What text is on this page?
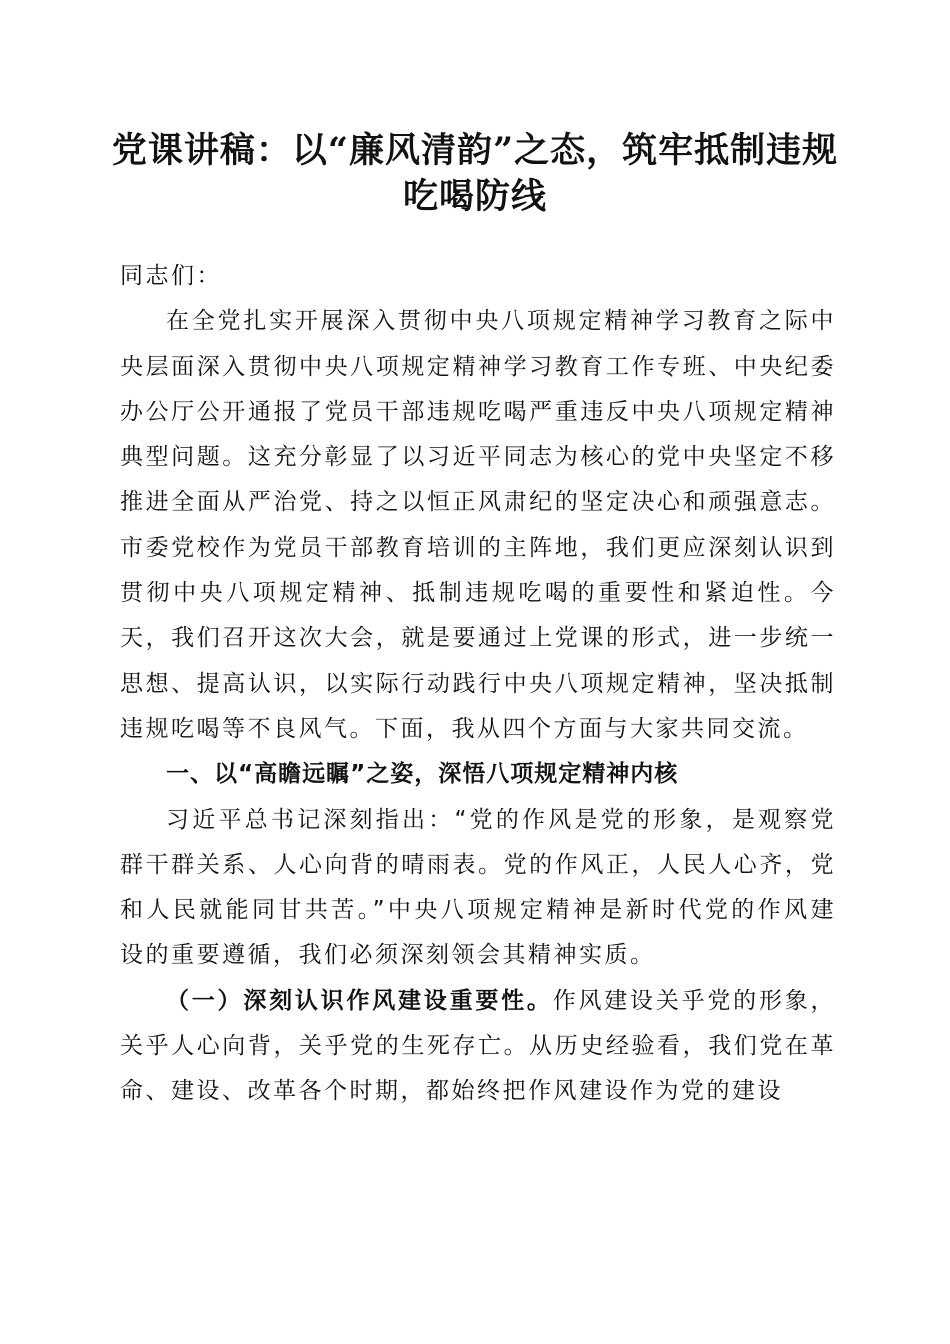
党课讲稿：以“廉风清韵”之态，筑牢抵制违规吃喝防线

同志们：

在全党扎实开展深入贯彻中央八项规定精神学习教育之际中央层面深入贯彻中央八项规定精神学习教育工作专班、中央纪委办公厅公开通报了党员干部违规吃喝严重违反中央八项规定精神典型问题。这充分彰显了以习近平同志为核心的党中央坚定不移推进全面从严治党、持之以恒正风肃纪的坚定决心和顽强意志。市委党校作为党员干部教育培训的主阵地，我们更应深刻认识到贯彻中央八项规定精神、抵制违规吃喝的重要性和紧迫性。今天，我们召开这次大会，就是要通过上党课的形式，进一步统一思想、提高认识，以实际行动践行中央八项规定精神，坚决抵制违规吃喝等不良风气。下面，我从四个方面与大家共同交流。

一、以“高瞻远瞩”之姿，深悟八项规定精神内核

习近平总书记深刻指出：“党的作风是党的形象，是观察党群干群关系、人心向背的晴雨表。党的作风正，人民人心齐，党和人民就能同甘共苦。”中央八项规定精神是新时代党的作风建设的重要遵循，我们必须深刻领会其精神实质。

（一）深刻认识作风建设重要性。作风建设关乎党的形象，关乎人心向背，关乎党的生死存亡。从历史经验看，我们党在革命、建设、改革各个时期，都始终把作风建设作为党的建设
